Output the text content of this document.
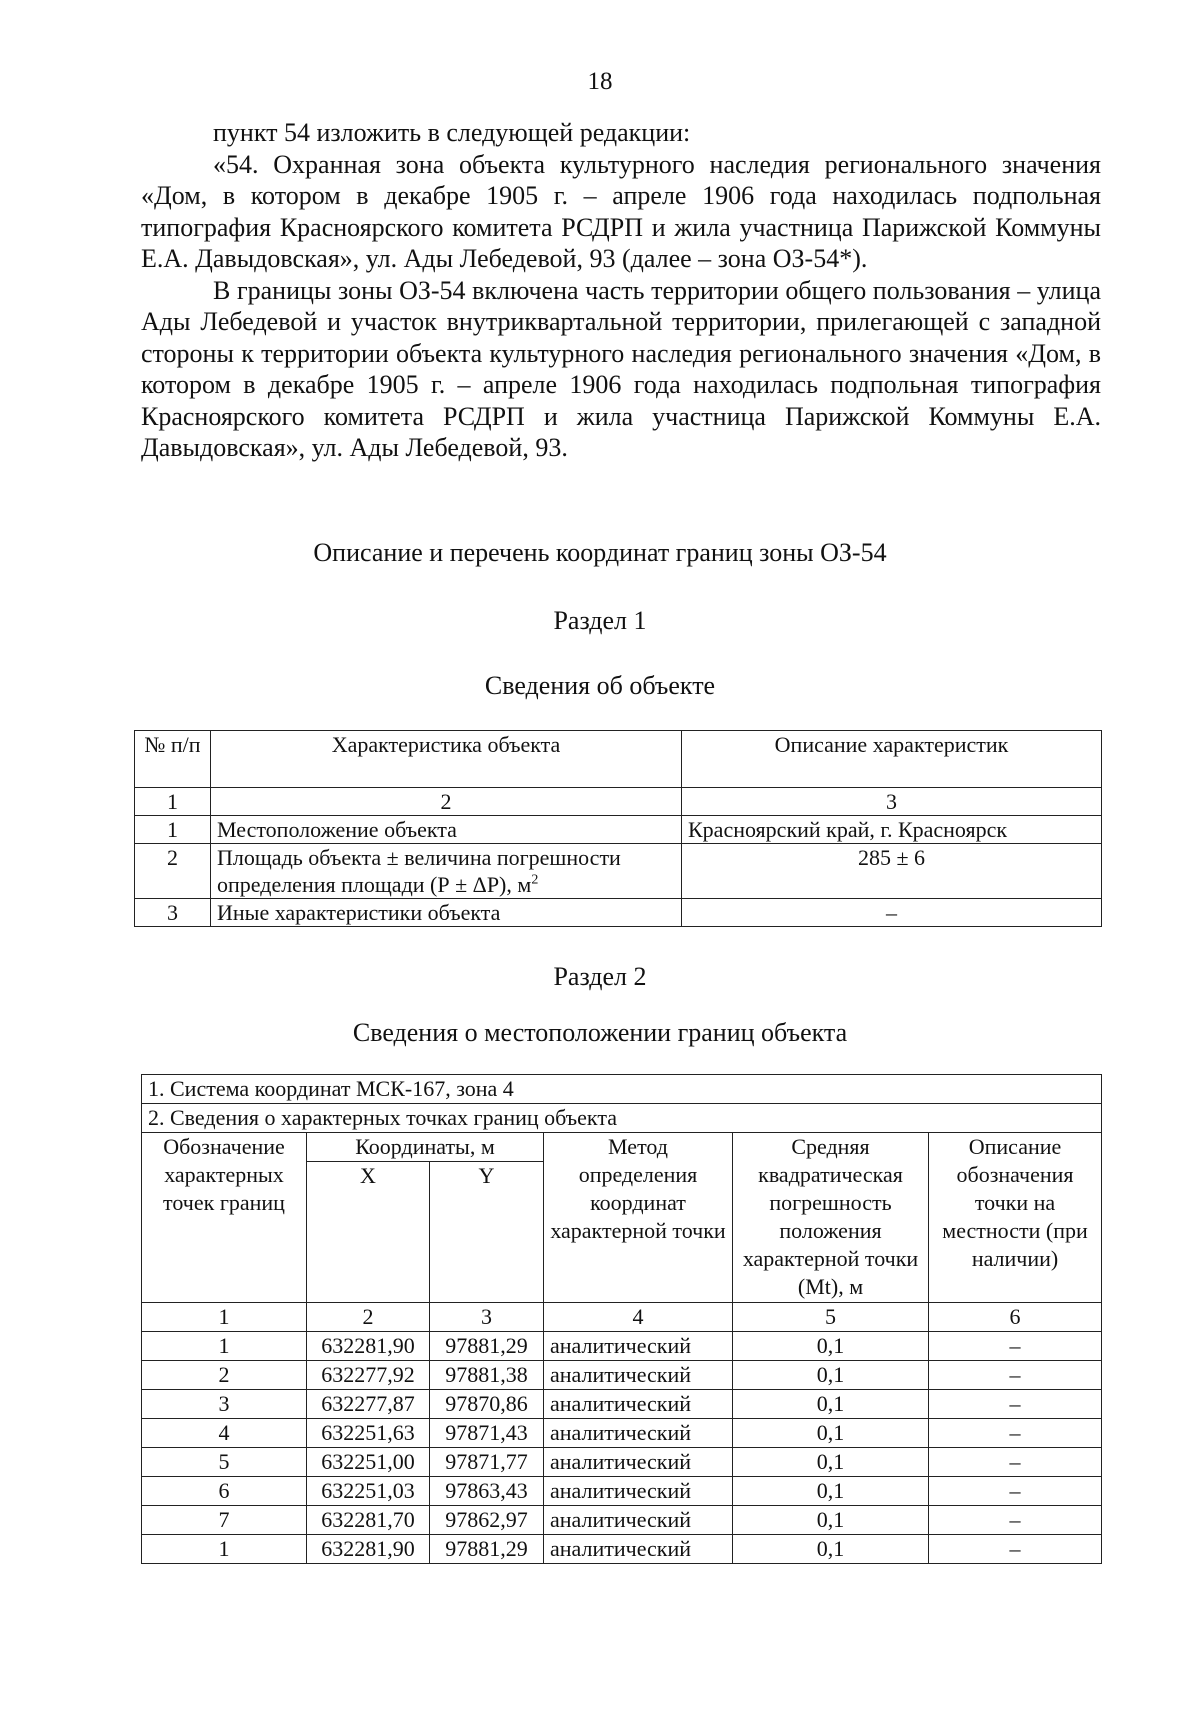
18

пункт 54 изложить в следующей редакции:

«54. Охранная зона объекта культурного наследия регионального значения «Дом, в котором в декабре 1905 г. – апреле 1906 года находилась подпольная типография Красноярского комитета РСДРП и жила участница Парижской Коммуны Е.А. Давыдовская», ул. Ады Лебедевой, 93 (далее – зона ОЗ-54*).

В границы зоны ОЗ-54 включена часть территории общего пользования – улица Ады Лебедевой и участок внутриквартальной территории, прилегающей с западной стороны к территории объекта культурного наследия регионального значения «Дом, в котором в декабре 1905 г. – апреле 1906 года находилась подпольная типография Красноярского комитета РСДРП и жила участница Парижской Коммуны Е.А. Давыдовская», ул. Ады Лебедевой, 93.

Описание и перечень координат границ зоны ОЗ-54
Раздел 1
Сведения об объекте
№ п/п	Характеристика объекта	Описание характеристик
1	2	3
1	Местоположение объекта	Красноярский край, г. Красноярск
2	Площадь объекта ± величина погрешности определения площади (Р ± ΔР), $м^2$	285 ± 6
3	Иные характеристики объекта	–
Раздел 2
Сведения о местоположении границ объекта
1. Система координат МСК-167, зона 4					
2. Сведения о характерных точках границ объекта					
Обозначение характерных точек границ	Координаты, м		Метод определения координат характерной точки	Средняя квадратическая погрешность положения характерной точки (Mt), м	Описание обозначения точки на местности (при наличии)
	X	Y			
1	2	3	4	5	6
1	632281,90	97881,29	аналитический	0,1	–
2	632277,92	97881,38	аналитический	0,1	–
3	632277,87	97870,86	аналитический	0,1	–
4	632251,63	97871,43	аналитический	0,1	–
5	632251,00	97871,77	аналитический	0,1	–
6	632251,03	97863,43	аналитический	0,1	–
7	632281,70	97862,97	аналитический	0,1	–
1	632281,90	97881,29	аналитический	0,1	–
